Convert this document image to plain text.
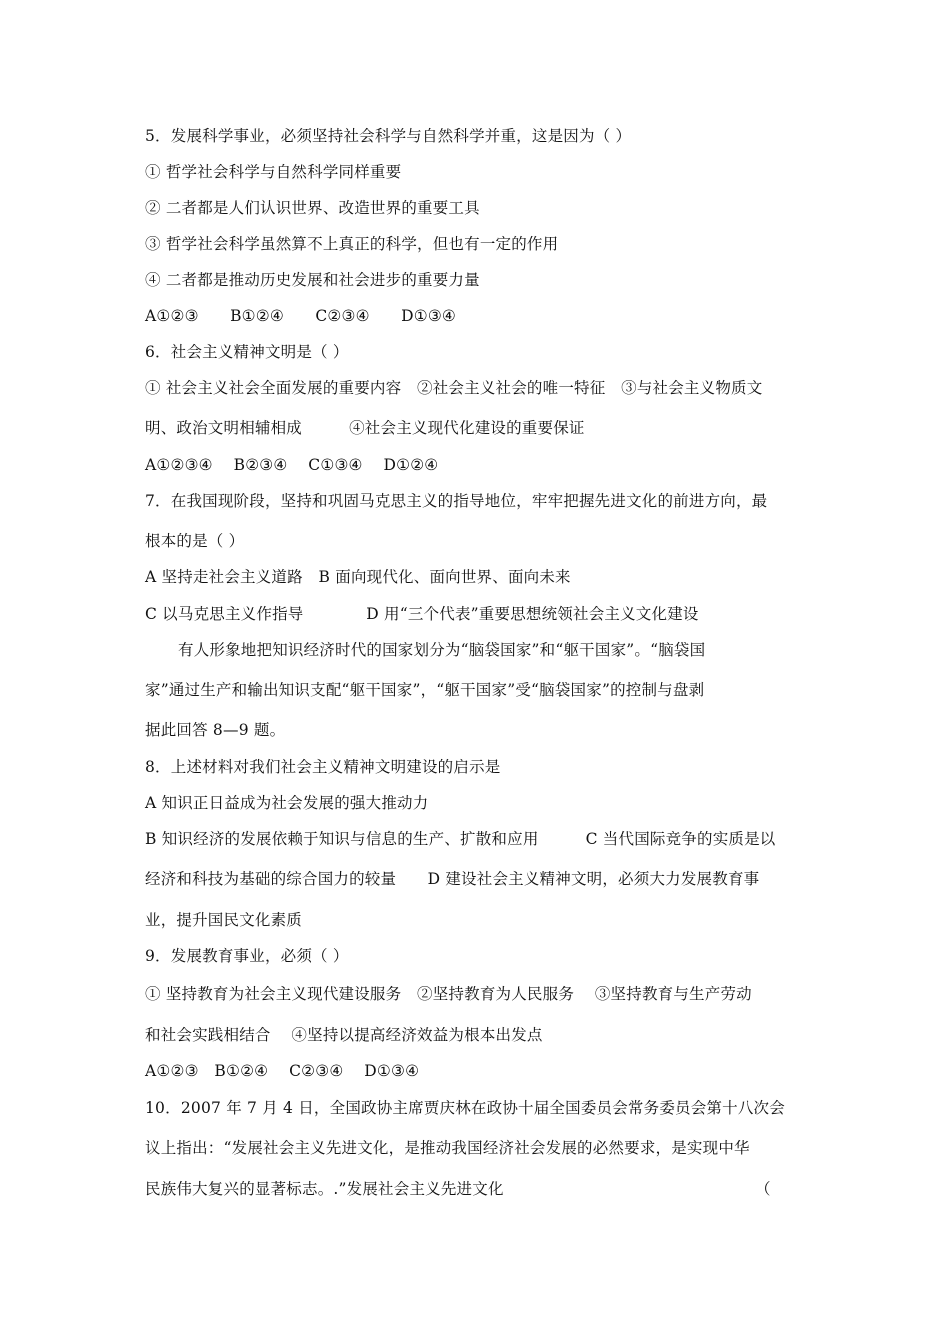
5．发展科学事业，必须坚持社会科学与自然科学并重，这是因为（ ）
① 哲学社会科学与自然科学同样重要
② 二者都是人们认识世界、改造世界的重要工具
③ 哲学社会科学虽然算不上真正的科学，但也有一定的作用
④ 二者都是推动历史发展和社会进步的重要力量
A①②③　　B①②④　　C②③④　　D①③④
6．社会主义精神文明是（ ）
① 社会主义社会全面发展的重要内容　②社会主义社会的唯一特征　③与社会主义物质文
明、政治文明相辅相成　　　④社会主义现代化建设的重要保证
A①②③④　 B②③④　 C①③④　 D①②④
7．在我国现阶段，坚持和巩固马克思主义的指导地位，牢牢把握先进文化的前进方向，最
根本的是（ ）
A 坚持走社会主义道路　B 面向现代化、面向世界、面向未来
C 以马克思主义作指导　　　　D 用“三个代表”重要思想统领社会主义文化建设
有人形象地把知识经济时代的国家划分为“脑袋国家”和“躯干国家”。“脑袋国
家”通过生产和输出知识支配“躯干国家”，“躯干国家”受“脑袋国家”的控制与盘剥
据此回答 8—9 题。
8．上述材料对我们社会主义精神文明建设的启示是
A 知识正日益成为社会发展的强大推动力
B 知识经济的发展依赖于知识与信息的生产、扩散和应用　　　C 当代国际竞争的实质是以
经济和科技为基础的综合国力的较量　　D 建设社会主义精神文明，必须大力发展教育事
业，提升国民文化素质
9．发展教育事业，必须（ ）
① 坚持教育为社会主义现代建设服务　②坚持教育为人民服务　 ③坚持教育与生产劳动
和社会实践相结合　 ④坚持以提高经济效益为根本出发点
A①②③　B①②④　 C②③④　 D①③④
10．2007 年 7 月 4 日，全国政协主席贾庆林在政协十届全国委员会常务委员会第十八次会
议上指出：“发展社会主义先进文化，是推动我国经济社会发展的必然要求，是实现中华
民族伟大复兴的显著标志。.”发展社会主义先进文化	（
